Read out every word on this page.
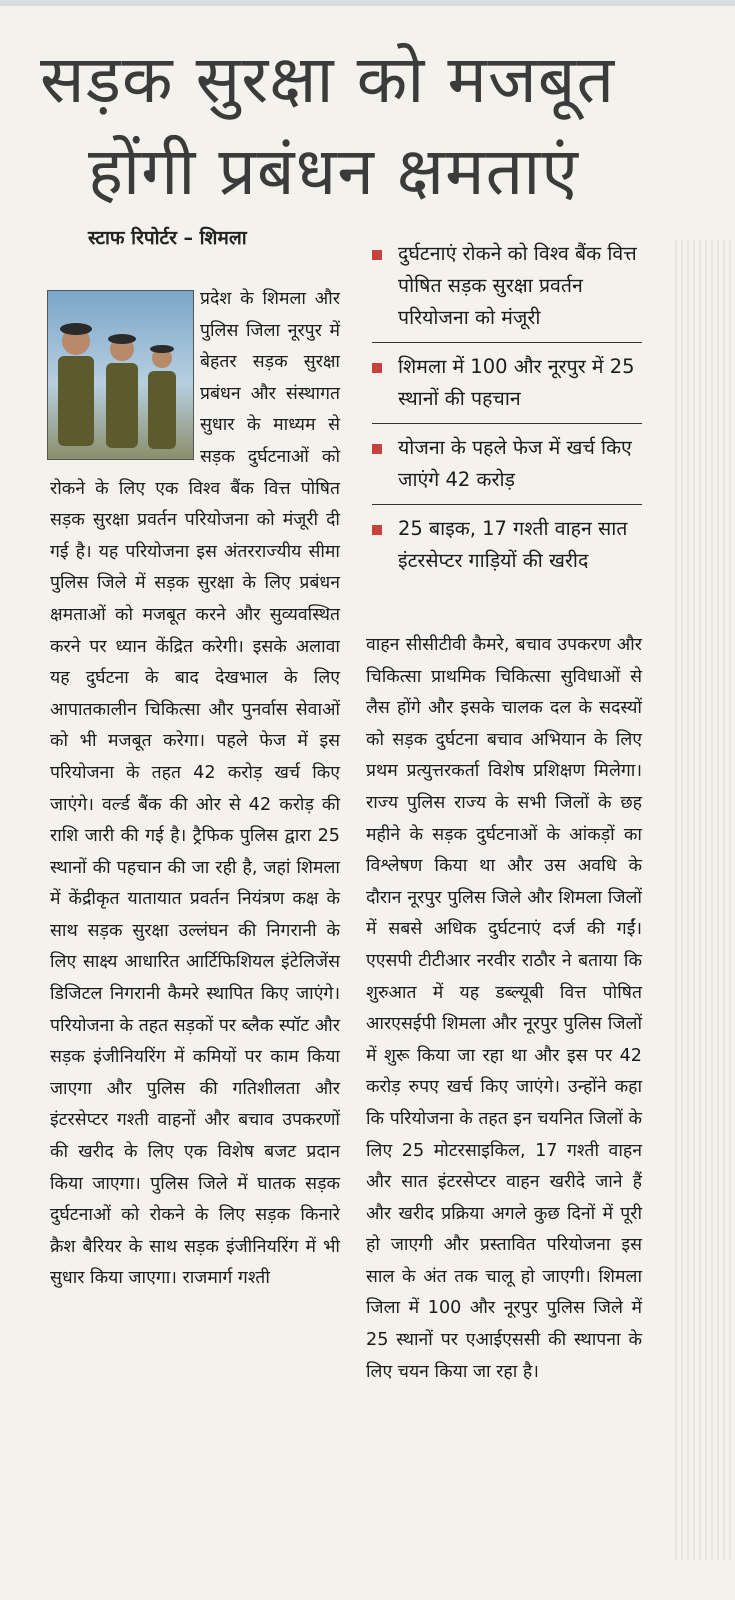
सड़क सुरक्षा को मजबूत
होंगी प्रबंधन क्षमताएं
स्टाफ रिपोर्टर – शिमला

प्रदेश के शिमला और पुलिस जिला नूरपुर में बेहतर सड़क सुरक्षा प्रबंधन और संस्थागत सुधार के माध्यम से सड़क दुर्घटनाओं को रोकने के लिए एक विश्व बैंक वित्त पोषित सड़क सुरक्षा प्रवर्तन परियोजना को मंजूरी दी गई है। यह परियोजना इस अंतरराज्यीय सीमा पुलिस जिले में सड़क सुरक्षा के लिए प्रबंधन क्षमताओं को मजबूत करने और सुव्यवस्थित करने पर ध्यान केंद्रित करेगी। इसके अलावा यह दुर्घटना के बाद देखभाल के लिए आपातकालीन चिकित्सा और पुनर्वास सेवाओं को भी मजबूत करेगा। पहले फेज में इस परियोजना के तहत 42 करोड़ खर्च किए जाएंगे। वर्ल्ड बैंक की ओर से 42 करोड़ की राशि जारी की गई है। ट्रैफिक पुलिस द्वारा 25 स्थानों की पहचान की जा रही है, जहां शिमला में केंद्रीकृत यातायात प्रवर्तन नियंत्रण कक्ष के साथ सड़क सुरक्षा उल्लंघन की निगरानी के लिए साक्ष्य आधारित आर्टिफिशियल इंटेलिजेंस डिजिटल निगरानी कैमरे स्थापित किए जाएंगे। परियोजना के तहत सड़कों पर ब्लैक स्पॉट और सड़क इंजीनियरिंग में कमियों पर काम किया जाएगा और पुलिस की गतिशीलता और इंटरसेप्टर गश्ती वाहनों और बचाव उपकरणों की खरीद के लिए एक विशेष बजट प्रदान किया जाएगा। पुलिस जिले में घातक सड़क दुर्घटनाओं को रोकने के लिए सड़क किनारे क्रैश बैरियर के साथ सड़क इंजीनियरिंग में भी सुधार किया जाएगा। राजमार्ग गश्ती

दुर्घटनाएं रोकने को विश्व बैंक वित्त पोषित सड़क सुरक्षा प्रवर्तन परियोजना को मंजूरी
शिमला में 100 और नूरपुर में 25 स्थानों की पहचान
योजना के पहले फेज में खर्च किए जाएंगे 42 करोड़
25 बाइक, 17 गश्ती वाहन सात इंटरसेप्टर गाड़ियों की खरीद

वाहन सीसीटीवी कैमरे, बचाव उपकरण और चिकित्सा प्राथमिक चिकित्सा सुविधाओं से लैस होंगे और इसके चालक दल के सदस्यों को सड़क दुर्घटना बचाव अभियान के लिए प्रथम प्रत्युत्तरकर्ता विशेष प्रशिक्षण मिलेगा। राज्य पुलिस राज्य के सभी जिलों के छह महीने के सड़क दुर्घटनाओं के आंकड़ों का विश्लेषण किया था और उस अवधि के दौरान नूरपुर पुलिस जिले और शिमला जिलों में सबसे अधिक दुर्घटनाएं दर्ज की गईं। एएसपी टीटीआर नरवीर राठौर ने बताया कि शुरुआत में यह डब्ल्यूबी वित्त पोषित आरएसईपी शिमला और नूरपुर पुलिस जिलों में शुरू किया जा रहा था और इस पर 42 करोड़ रुपए खर्च किए जाएंगे। उन्होंने कहा कि परियोजना के तहत इन चयनित जिलों के लिए 25 मोटरसाइकिल, 17 गश्ती वाहन और सात इंटरसेप्टर वाहन खरीदे जाने हैं और खरीद प्रक्रिया अगले कुछ दिनों में पूरी हो जाएगी और प्रस्तावित परियोजना इस साल के अंत तक चालू हो जाएगी। शिमला जिला में 100 और नूरपुर पुलिस जिले में 25 स्थानों पर एआईएससी की स्थापना के लिए चयन किया जा रहा है।
